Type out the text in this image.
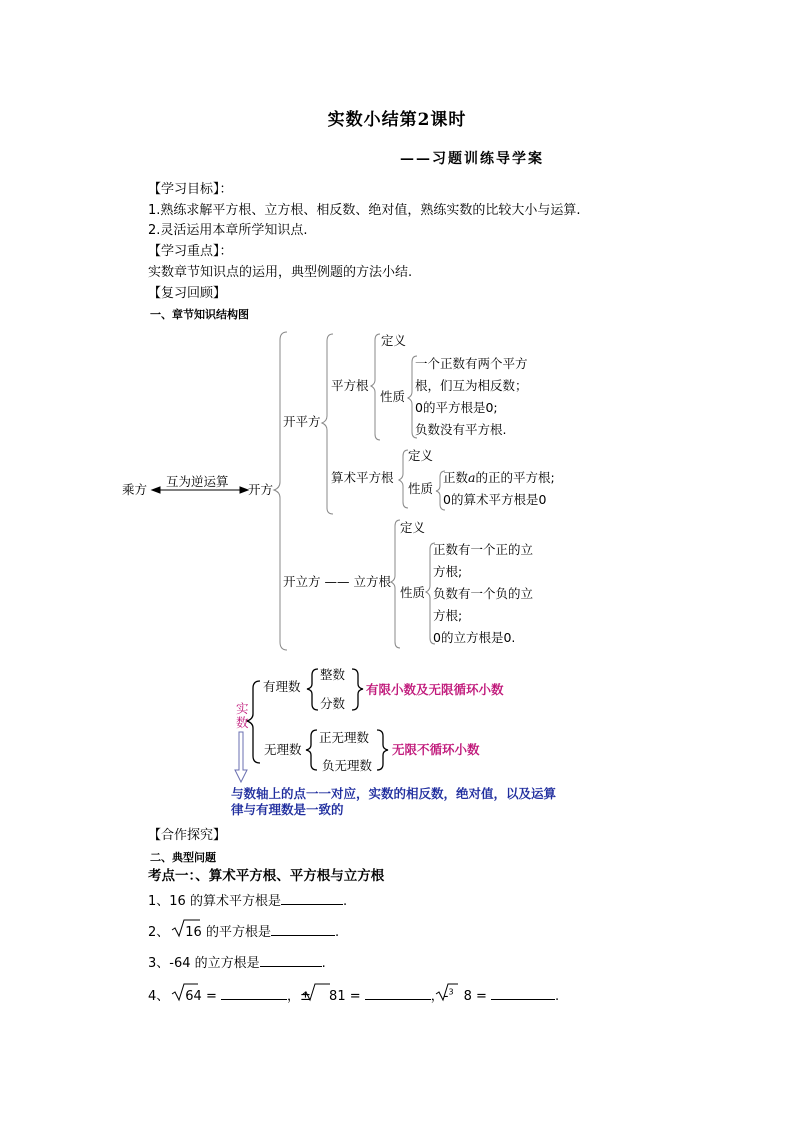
实数小结第2课时
——习题训练导学案
【学习目标】：
1.熟练求解平方根、立方根、相反数、绝对值，熟练实数的比较大小与运算.
2.灵活运用本章所学知识点.
【学习重点】：
实数章节知识点的运用，典型例题的方法小结.
【复习回顾】
一、章节知识结构图
乘方
互为逆运算
开方
开平方
平方根
定义
性质
一个正数有两个平方
根，们互为相反数；
0的平方根是0;
负数没有平方根.
算术平方根
定义
性质
正数a的正的平方根;
0的算术平方根是0
开立方 —— 立方根
定义
性质
正数有一个正的立
方根;
负数有一个负的立
方根;
0的立方根是0.
实
数
有理数
整数
分数
有限小数及无限循环小数
无理数
正无理数
负无理数
无限不循环小数
与数轴上的点一一对应，实数的相反数，绝对值，以及运算
律与有理数是一致的
【合作探究】
二、典型问题
考点一：、算术平方根、平方根与立方根
1、16 的算术平方根是	.
2、 16 的平方根是	.
3、-64 的立方根是	.
4、 64 =	，± 81 =	，-$^3$ 8 =	.
